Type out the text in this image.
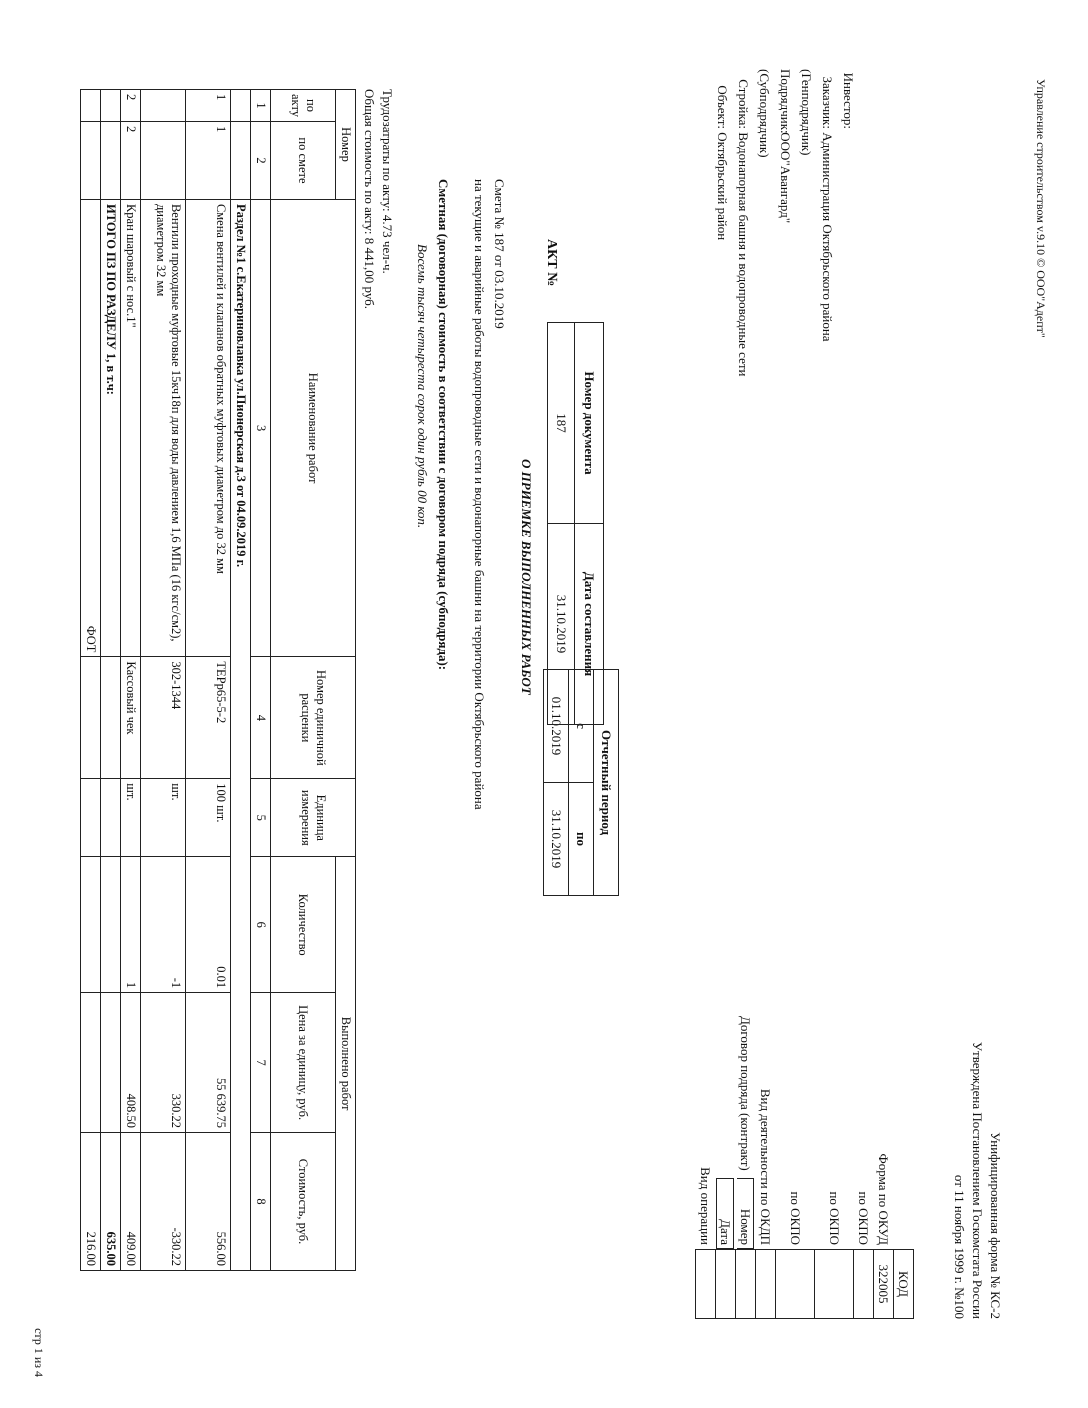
Управление строительством v.9.10 © ООО"Адепт"
стр 1 из 4
Унифицированная форма № КС-2
Утверждена Постановлением Госкомстата России
от 11 ноября 1999 г. №100
	КОД
Форма по ОКУД	322005
по ОКПО	
по ОКПО	
по ОКПО	
Вид деятельности по ОКДП	
Договор подряда (контракт) Номер	
Дата	
Вид операции	
Инвестор:
Заказчик: Администрация Октябрьского района
(Генподрядчик)
Подрядчик: ООО"Авангард"
(Субподрядчик)
Стройка: Водонапорная башня и водопроводные сети
Объект: Октябрьский район
Отчетный период	
с	по
01.10.2019	31.10.2019
АКТ №
Номер документа	Дата составления
187	31.10.2019
О ПРИЕМКЕ ВЫПОЛНЕННЫХ РАБОТ
Смета № 187 от 03.10.2019
на текущие и аварийные работы водопроводные сети и водонапорные башни на территории Октябрьского района
Сметная (договорная) стоимость в соответствии с договором подряда (субподряда):
Восемь тысяч четыреста сорок один рубль 00 коп.
Трудозатраты по акту: 4.73 чел-ч.
Общая стоимость по акту: 8 441,00 руб.
Номер		Наименование работ	Номер единичной расценки	Единица измерения	Выполнено работ		
по акту	по смете				Количество	Цена за единицу, руб.	Стоимость, руб.
1	2	3	4	5	6	7	8
		Раздел №1 с.Екатериновлавка ул.Пионерская д.3 от 04.09.2019 г.					
1	1	Смена вентилей и клапанов обратных муфтовых диаметром до 32 мм	ТЕРр65-5-2	100 шт.	0.01	55 639.75	556.00
		Вентили проходные муфтовые 15кч18п для воды давлением 1,6 МПа (16 кгс/см2), диаметром 32 мм	302-1344	шт.	-1	330.22	-330.22
2	2	Кран шаровый с нос.1"	Кассовый чек	шт.	1	408.50	409.00
		ИТОГО ПЗ ПО РАЗДЕЛУ 1, в т.ч:					635.00
		ФОТ					216.00
